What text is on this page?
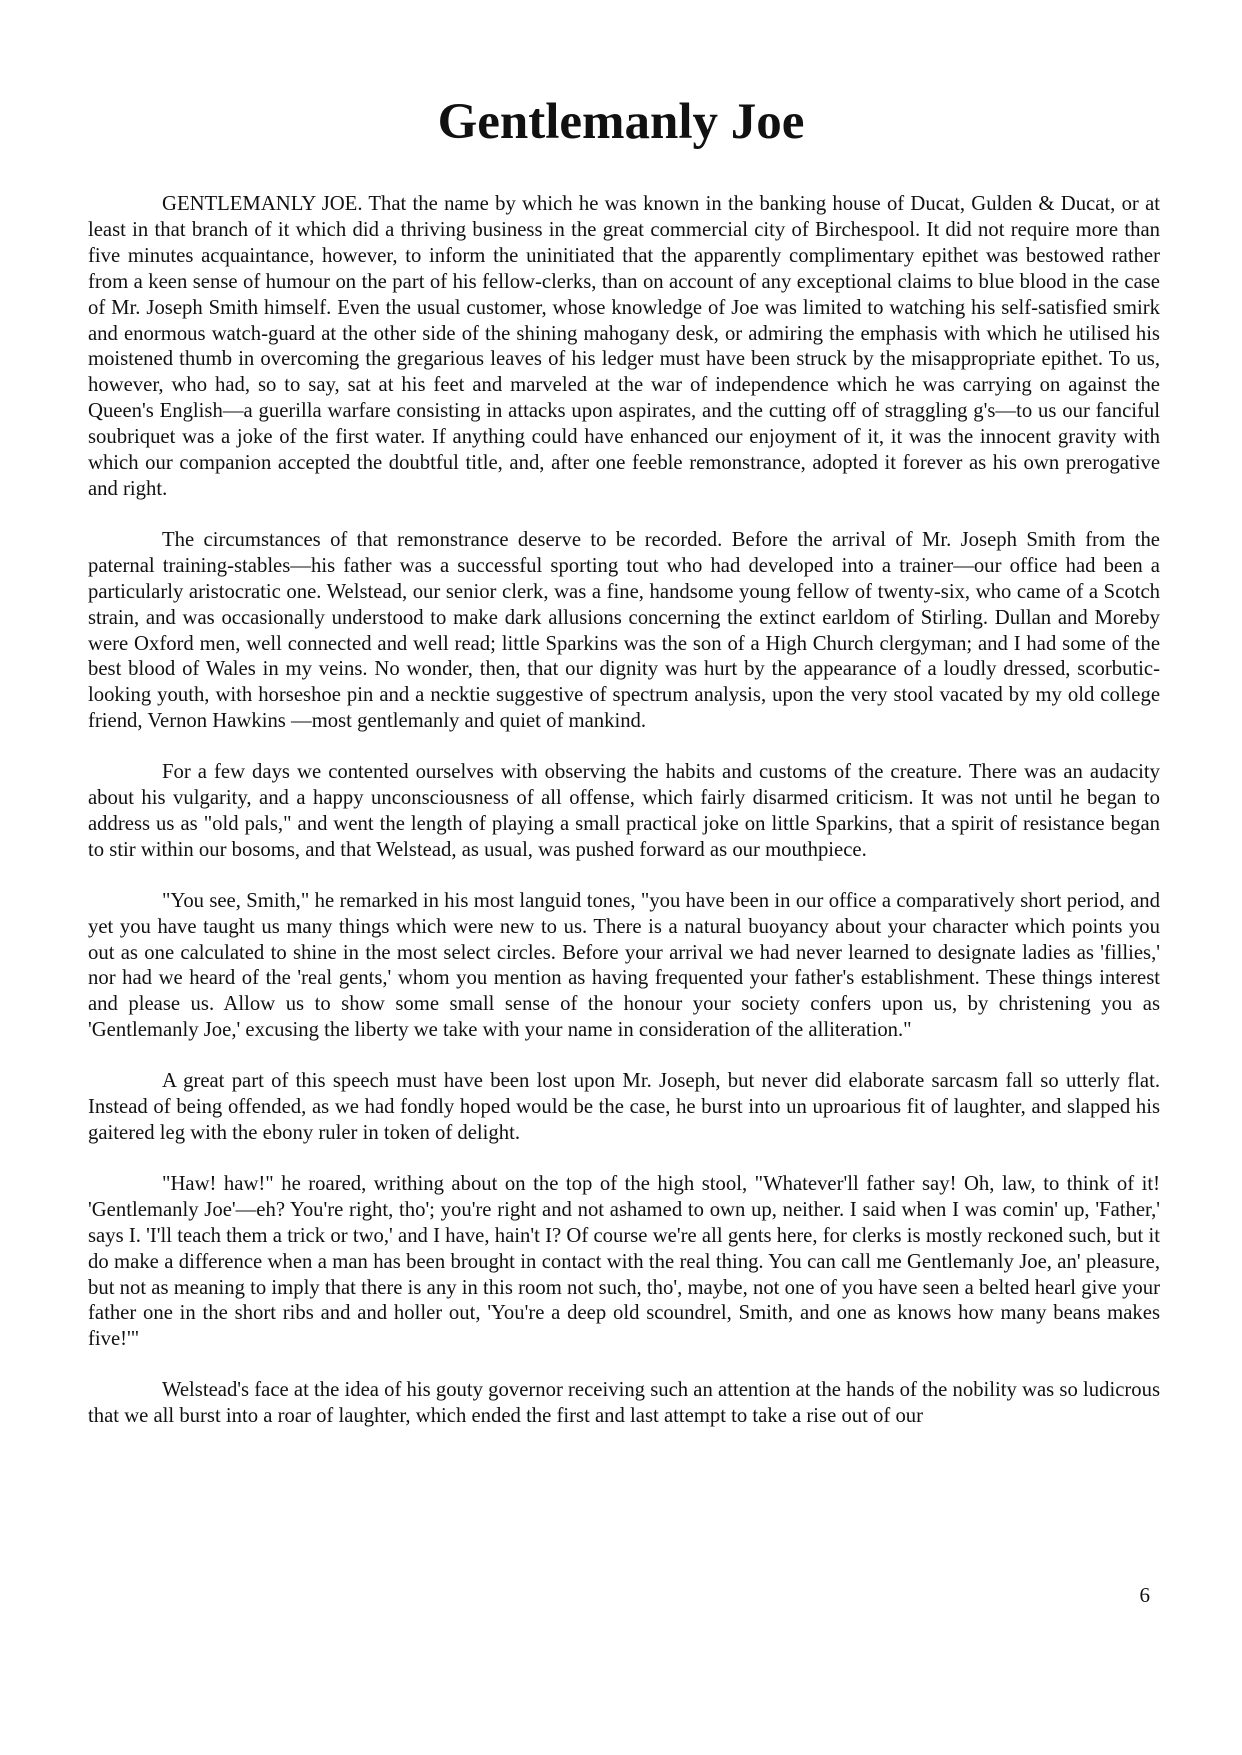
Gentlemanly Joe

GENTLEMANLY JOE. That the name by which he was known in the banking house of Ducat, Gulden & Ducat, or at least in that branch of it which did a thriving business in the great commercial city of Birchespool. It did not require more than five minutes acquaintance, however, to inform the uninitiated that the apparently complimentary epithet was bestowed rather from a keen sense of humour on the part of his fellow-clerks, than on account of any exceptional claims to blue blood in the case of Mr. Joseph Smith himself. Even the usual customer, whose knowledge of Joe was limited to watching his self-satisfied smirk and enormous watch-guard at the other side of the shining mahogany desk, or admiring the emphasis with which he utilised his moistened thumb in overcoming the gregarious leaves of his ledger must have been struck by the misappropriate epithet. To us, however, who had, so to say, sat at his feet and marveled at the war of independence which he was carrying on against the Queen's English—a guerilla warfare consisting in attacks upon aspirates, and the cutting off of straggling g's—to us our fanciful soubriquet was a joke of the first water. If anything could have enhanced our enjoyment of it, it was the innocent gravity with which our companion accepted the doubtful title, and, after one feeble remonstrance, adopted it forever as his own prerogative and right.

The circumstances of that remonstrance deserve to be recorded. Before the arrival of Mr. Joseph Smith from the paternal training-stables—his father was a successful sporting tout who had developed into a trainer—our office had been a particularly aristocratic one. Welstead, our senior clerk, was a fine, handsome young fellow of twenty-six, who came of a Scotch strain, and was occasionally understood to make dark allusions concerning the extinct earldom of Stirling. Dullan and Moreby were Oxford men, well connected and well read; little Sparkins was the son of a High Church clergyman; and I had some of the best blood of Wales in my veins. No wonder, then, that our dignity was hurt by the appearance of a loudly dressed, scorbutic-looking youth, with horseshoe pin and a necktie suggestive of spectrum analysis, upon the very stool vacated by my old college friend, Vernon Hawkins —most gentlemanly and quiet of mankind.

For a few days we contented ourselves with observing the habits and customs of the creature. There was an audacity about his vulgarity, and a happy unconsciousness of all offense, which fairly disarmed criticism. It was not until he began to address us as "old pals," and went the length of playing a small practical joke on little Sparkins, that a spirit of resistance began to stir within our bosoms, and that Welstead, as usual, was pushed forward as our mouthpiece.

"You see, Smith," he remarked in his most languid tones, "you have been in our office a comparatively short period, and yet you have taught us many things which were new to us. There is a natural buoyancy about your character which points you out as one calculated to shine in the most select circles. Before your arrival we had never learned to designate ladies as 'fillies,' nor had we heard of the 'real gents,' whom you mention as having frequented your father's establishment. These things interest and please us. Allow us to show some small sense of the honour your society confers upon us, by christening you as 'Gentlemanly Joe,' excusing the liberty we take with your name in consideration of the alliteration."

A great part of this speech must have been lost upon Mr. Joseph, but never did elaborate sarcasm fall so utterly flat. Instead of being offended, as we had fondly hoped would be the case, he burst into un uproarious fit of laughter, and slapped his gaitered leg with the ebony ruler in token of delight.

"Haw! haw!" he roared, writhing about on the top of the high stool, "Whatever'll father say! Oh, law, to think of it! 'Gentlemanly Joe'—eh? You're right, tho'; you're right and not ashamed to own up, neither. I said when I was comin' up, 'Father,' says I. 'I'll teach them a trick or two,' and I have, hain't I? Of course we're all gents here, for clerks is mostly reckoned such, but it do make a difference when a man has been brought in contact with the real thing. You can call me Gentlemanly Joe, an' pleasure, but not as meaning to imply that there is any in this room not such, tho', maybe, not one of you have seen a belted hearl give your father one in the short ribs and and holler out, 'You're a deep old scoundrel, Smith, and one as knows how many beans makes five!'"

Welstead's face at the idea of his gouty governor receiving such an attention at the hands of the nobility was so ludicrous that we all burst into a roar of laughter, which ended the first and last attempt to take a rise out of our

6
